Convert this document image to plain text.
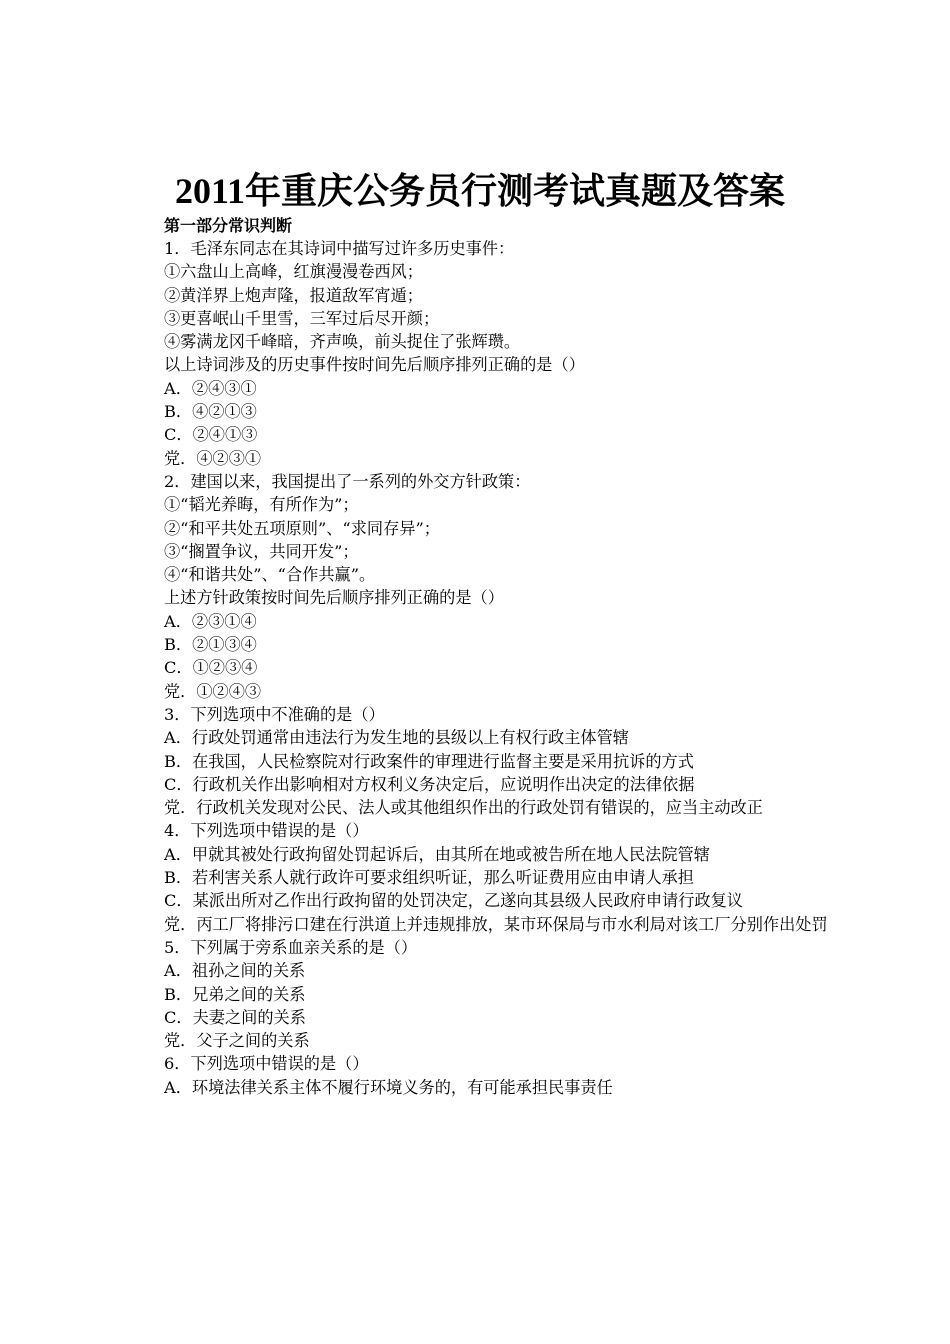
2011年重庆公务员行测考试真题及答案

第一部分常识判断

1．毛泽东同志在其诗词中描写过许多历史事件：

①六盘山上高峰，红旗漫漫卷西风；

②黄洋界上炮声隆，报道敌军宵遁；

③更喜岷山千里雪，三军过后尽开颜；

④雾满龙冈千峰暗，齐声唤，前头捉住了张辉瓒。

以上诗词涉及的历史事件按时间先后顺序排列正确的是（）

A．②④③①

B．④②①③

C．②④①③

党．④②③①

2．建国以来，我国提出了一系列的外交方针政策：

①“韬光养晦，有所作为”；

②“和平共处五项原则”、“求同存异”；

③“搁置争议，共同开发”；

④“和谐共处”、“合作共赢”。

上述方针政策按时间先后顺序排列正确的是（）

A．②③①④

B．②①③④

C．①②③④

党．①②④③

3．下列选项中不准确的是（）

A．行政处罚通常由违法行为发生地的县级以上有权行政主体管辖

B．在我国，人民检察院对行政案件的审理进行监督主要是采用抗诉的方式

C．行政机关作出影响相对方权利义务决定后，应说明作出决定的法律依据

党．行政机关发现对公民、法人或其他组织作出的行政处罚有错误的，应当主动改正

4．下列选项中错误的是（）

A．甲就其被处行政拘留处罚起诉后，由其所在地或被告所在地人民法院管辖

B．若利害关系人就行政许可要求组织听证，那么听证费用应由申请人承担

C．某派出所对乙作出行政拘留的处罚决定，乙遂向其县级人民政府申请行政复议

党．丙工厂将排污口建在行洪道上并违规排放，某市环保局与市水利局对该工厂分别作出处罚

5．下列属于旁系血亲关系的是（）

A．祖孙之间的关系

B．兄弟之间的关系

C．夫妻之间的关系

党．父子之间的关系

6．下列选项中错误的是（）

A．环境法律关系主体不履行环境义务的，有可能承担民事责任
